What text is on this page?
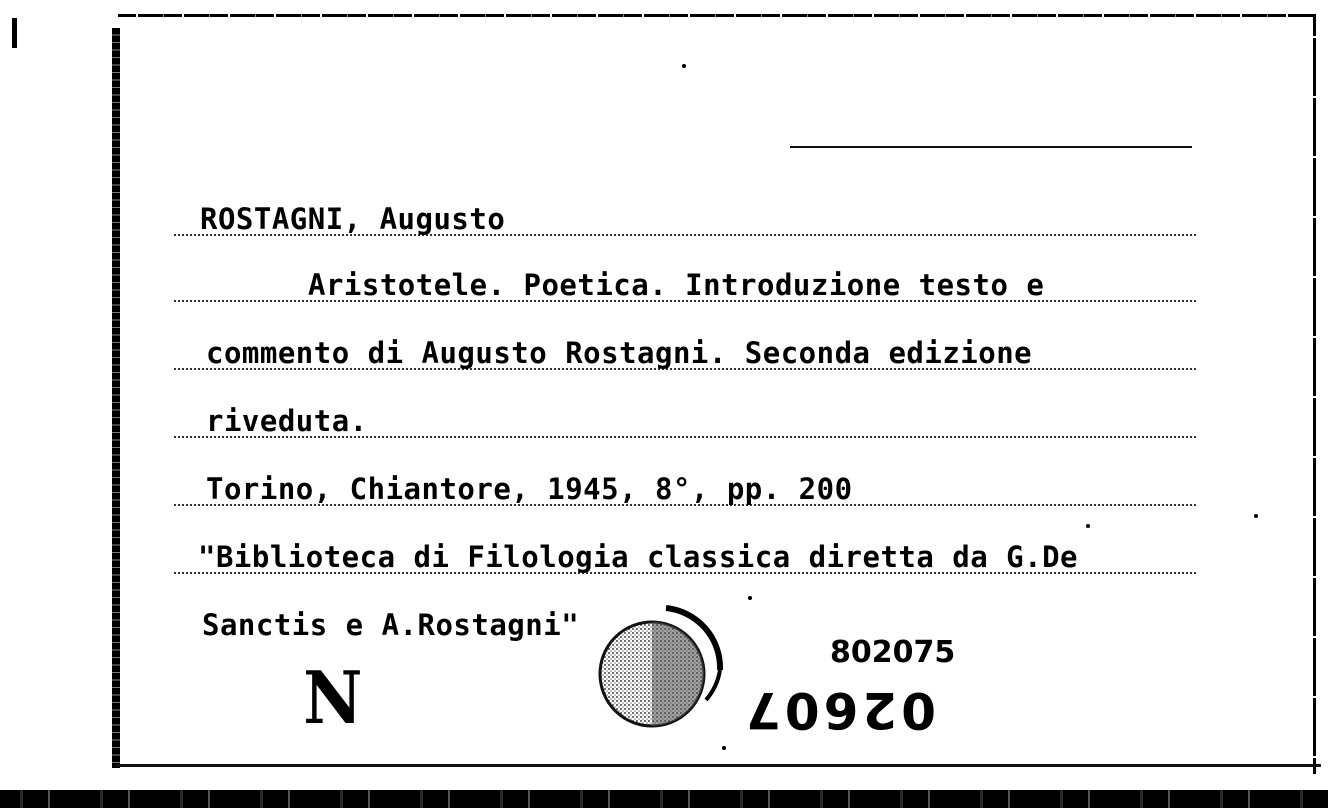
ROSTAGNI, Augusto
Aristotele. Poetica. Introduzione testo e
commento di Augusto Rostagni. Seconda edizione
riveduta.
Torino, Chiantore, 1945, 8°, pp. 200
"Biblioteca di Filologia classica diretta da G.De
Sanctis e A.Rostagni"
802075
02607
N
